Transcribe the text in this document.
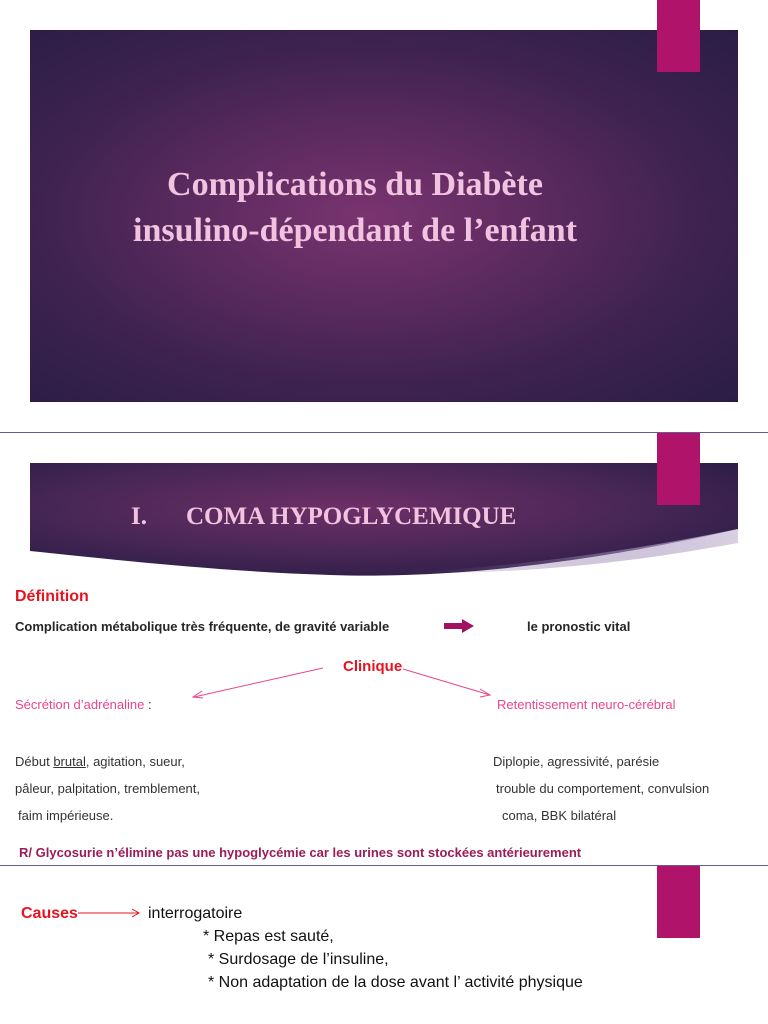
Complications du Diabète
insulino-dépendant de l’enfant
I. COMA HYPOGLYCEMIQUE
Définition
Complication métabolique très fréquente, de gravité variable	le pronostic vital
Clinique
Sécrétion d’adrénaline :	Retentissement neuro-cérébral
Début brutal, agitation, sueur,
pâleur, palpitation, tremblement,
faim impérieuse.
Diplopie, agressivité, parésie
trouble du comportement, convulsion
coma, BBK bilatéral
R/ Glycosurie n’élimine pas une hypoglycémie car les urines sont stockées antérieurement
Causes	interrogatoire
* Repas est sauté,
* Surdosage de l’insuline,
* Non adaptation de la dose avant l’ activité physique
